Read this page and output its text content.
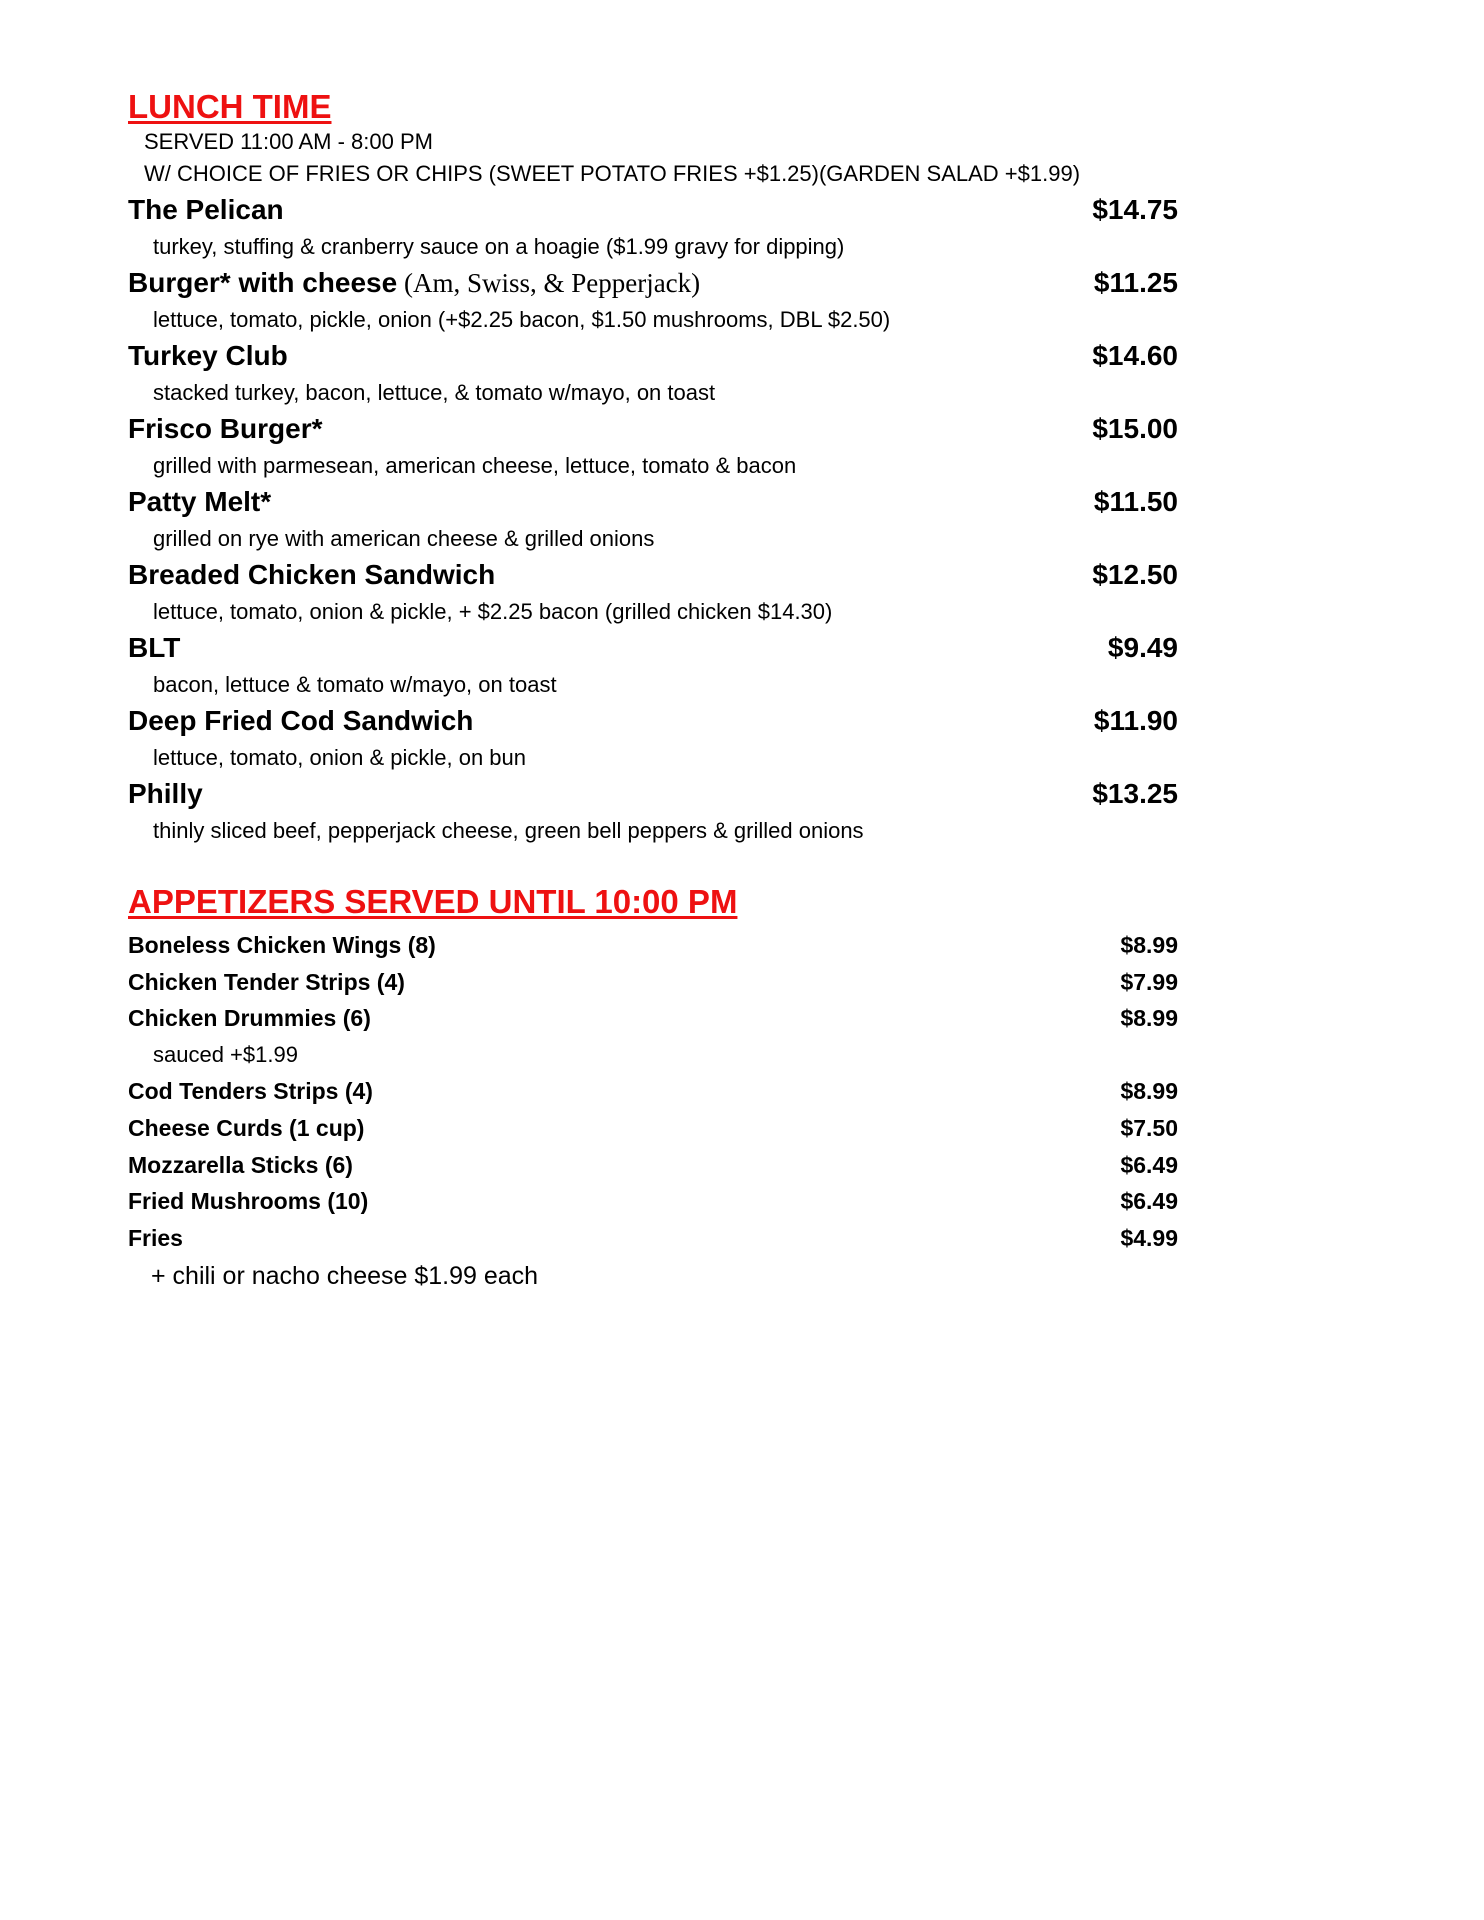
LUNCH TIME
SERVED 11:00 AM - 8:00 PM
W/ CHOICE OF FRIES OR CHIPS (SWEET POTATO FRIES +$1.25)(GARDEN SALAD +$1.99)
The Pelican	$14.75
turkey, stuffing & cranberry sauce on a hoagie ($1.99 gravy for dipping)
Burger* with cheese (Am, Swiss, & Pepperjack)	$11.25
lettuce, tomato, pickle, onion (+$2.25 bacon, $1.50 mushrooms, DBL $2.50)
Turkey Club	$14.60
stacked turkey, bacon, lettuce, & tomato w/mayo, on toast
Frisco Burger*	$15.00
grilled with parmesean, american cheese, lettuce, tomato & bacon
Patty Melt*	$11.50
grilled on rye with american cheese & grilled onions
Breaded Chicken Sandwich	$12.50
lettuce, tomato, onion & pickle, + $2.25 bacon (grilled chicken $14.30)
BLT	$9.49
bacon, lettuce & tomato w/mayo, on toast
Deep Fried Cod Sandwich	$11.90
lettuce, tomato, onion & pickle, on bun
Philly	$13.25
thinly sliced beef, pepperjack cheese, green bell peppers & grilled onions
APPETIZERS SERVED UNTIL 10:00 PM
Boneless Chicken Wings (8)	$8.99
Chicken Tender Strips (4)	$7.99
Chicken Drummies (6)	$8.99
sauced +$1.99
Cod Tenders Strips (4)	$8.99
Cheese Curds (1 cup)	$7.50
Mozzarella Sticks (6)	$6.49
Fried Mushrooms (10)	$6.49
Fries	$4.99
+ chili or nacho cheese $1.99 each
